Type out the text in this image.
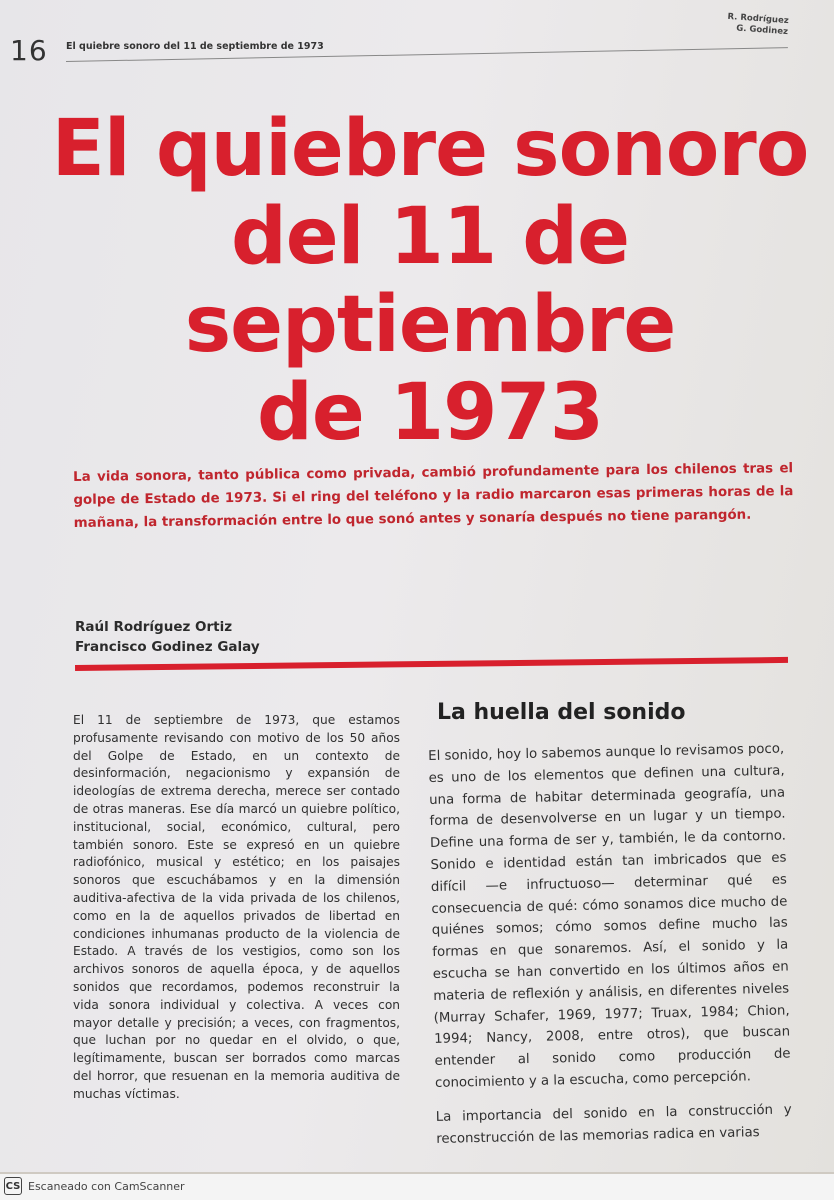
16 El quiebre sonoro del 11 de septiembre de 1973
R. Rodríguez
G. Godinez
El quiebre sonoro
del 11 de
septiembre
de 1973

La vida sonora, tanto pública como privada, cambió profundamente para los chilenos tras el golpe de Estado de 1973. Si el ring del teléfono y la radio marcaron esas primeras horas de la mañana, la transformación entre lo que sonó antes y sonaría después no tiene parangón.

Raúl Rodríguez Ortiz
Francisco Godinez Galay

El 11 de septiembre de 1973, que estamos profusamente revisando con motivo de los 50 años del Golpe de Estado, en un contexto de desinformación, negacionismo y expansión de ideologías de extrema derecha, merece ser contado de otras maneras. Ese día marcó un quiebre político, institucional, social, económico, cultural, pero también sonoro. Este se expresó en un quiebre radiofónico, musical y estético; en los paisajes sonoros que escuchábamos y en la dimensión auditiva-afectiva de la vida privada de los chilenos, como en la de aquellos privados de libertad en condiciones inhumanas producto de la violencia de Estado. A través de los vestigios, como son los archivos sonoros de aquella época, y de aquellos sonidos que recordamos, podemos reconstruir la vida sonora individual y colectiva. A veces con mayor detalle y precisión; a veces, con fragmentos, que luchan por no quedar en el olvido, o que, legítimamente, buscan ser borrados como marcas del horror, que resuenan en la memoria auditiva de muchas víctimas.

La huella del sonido

El sonido, hoy lo sabemos aunque lo revisamos poco, es uno de los elementos que definen una cultura, una forma de habitar determinada geografía, una forma de desenvolverse en un lugar y un tiempo. Define una forma de ser y, también, le da contorno. Sonido e identidad están tan imbricados que es difícil —e infructuoso— determinar qué es consecuencia de qué: cómo sonamos dice mucho de quiénes somos; cómo somos define mucho las formas en que sonaremos. Así, el sonido y la escucha se han convertido en los últimos años en materia de reflexión y análisis, en diferentes niveles (Murray Schafer, 1969, 1977; Truax, 1984; Chion, 1994; Nancy, 2008, entre otros), que buscan entender al sonido como producción de conocimiento y a la escucha, como percepción.

La importancia del sonido en la construcción y reconstrucción de las memorias radica en varias

CS Escaneado con CamScanner
